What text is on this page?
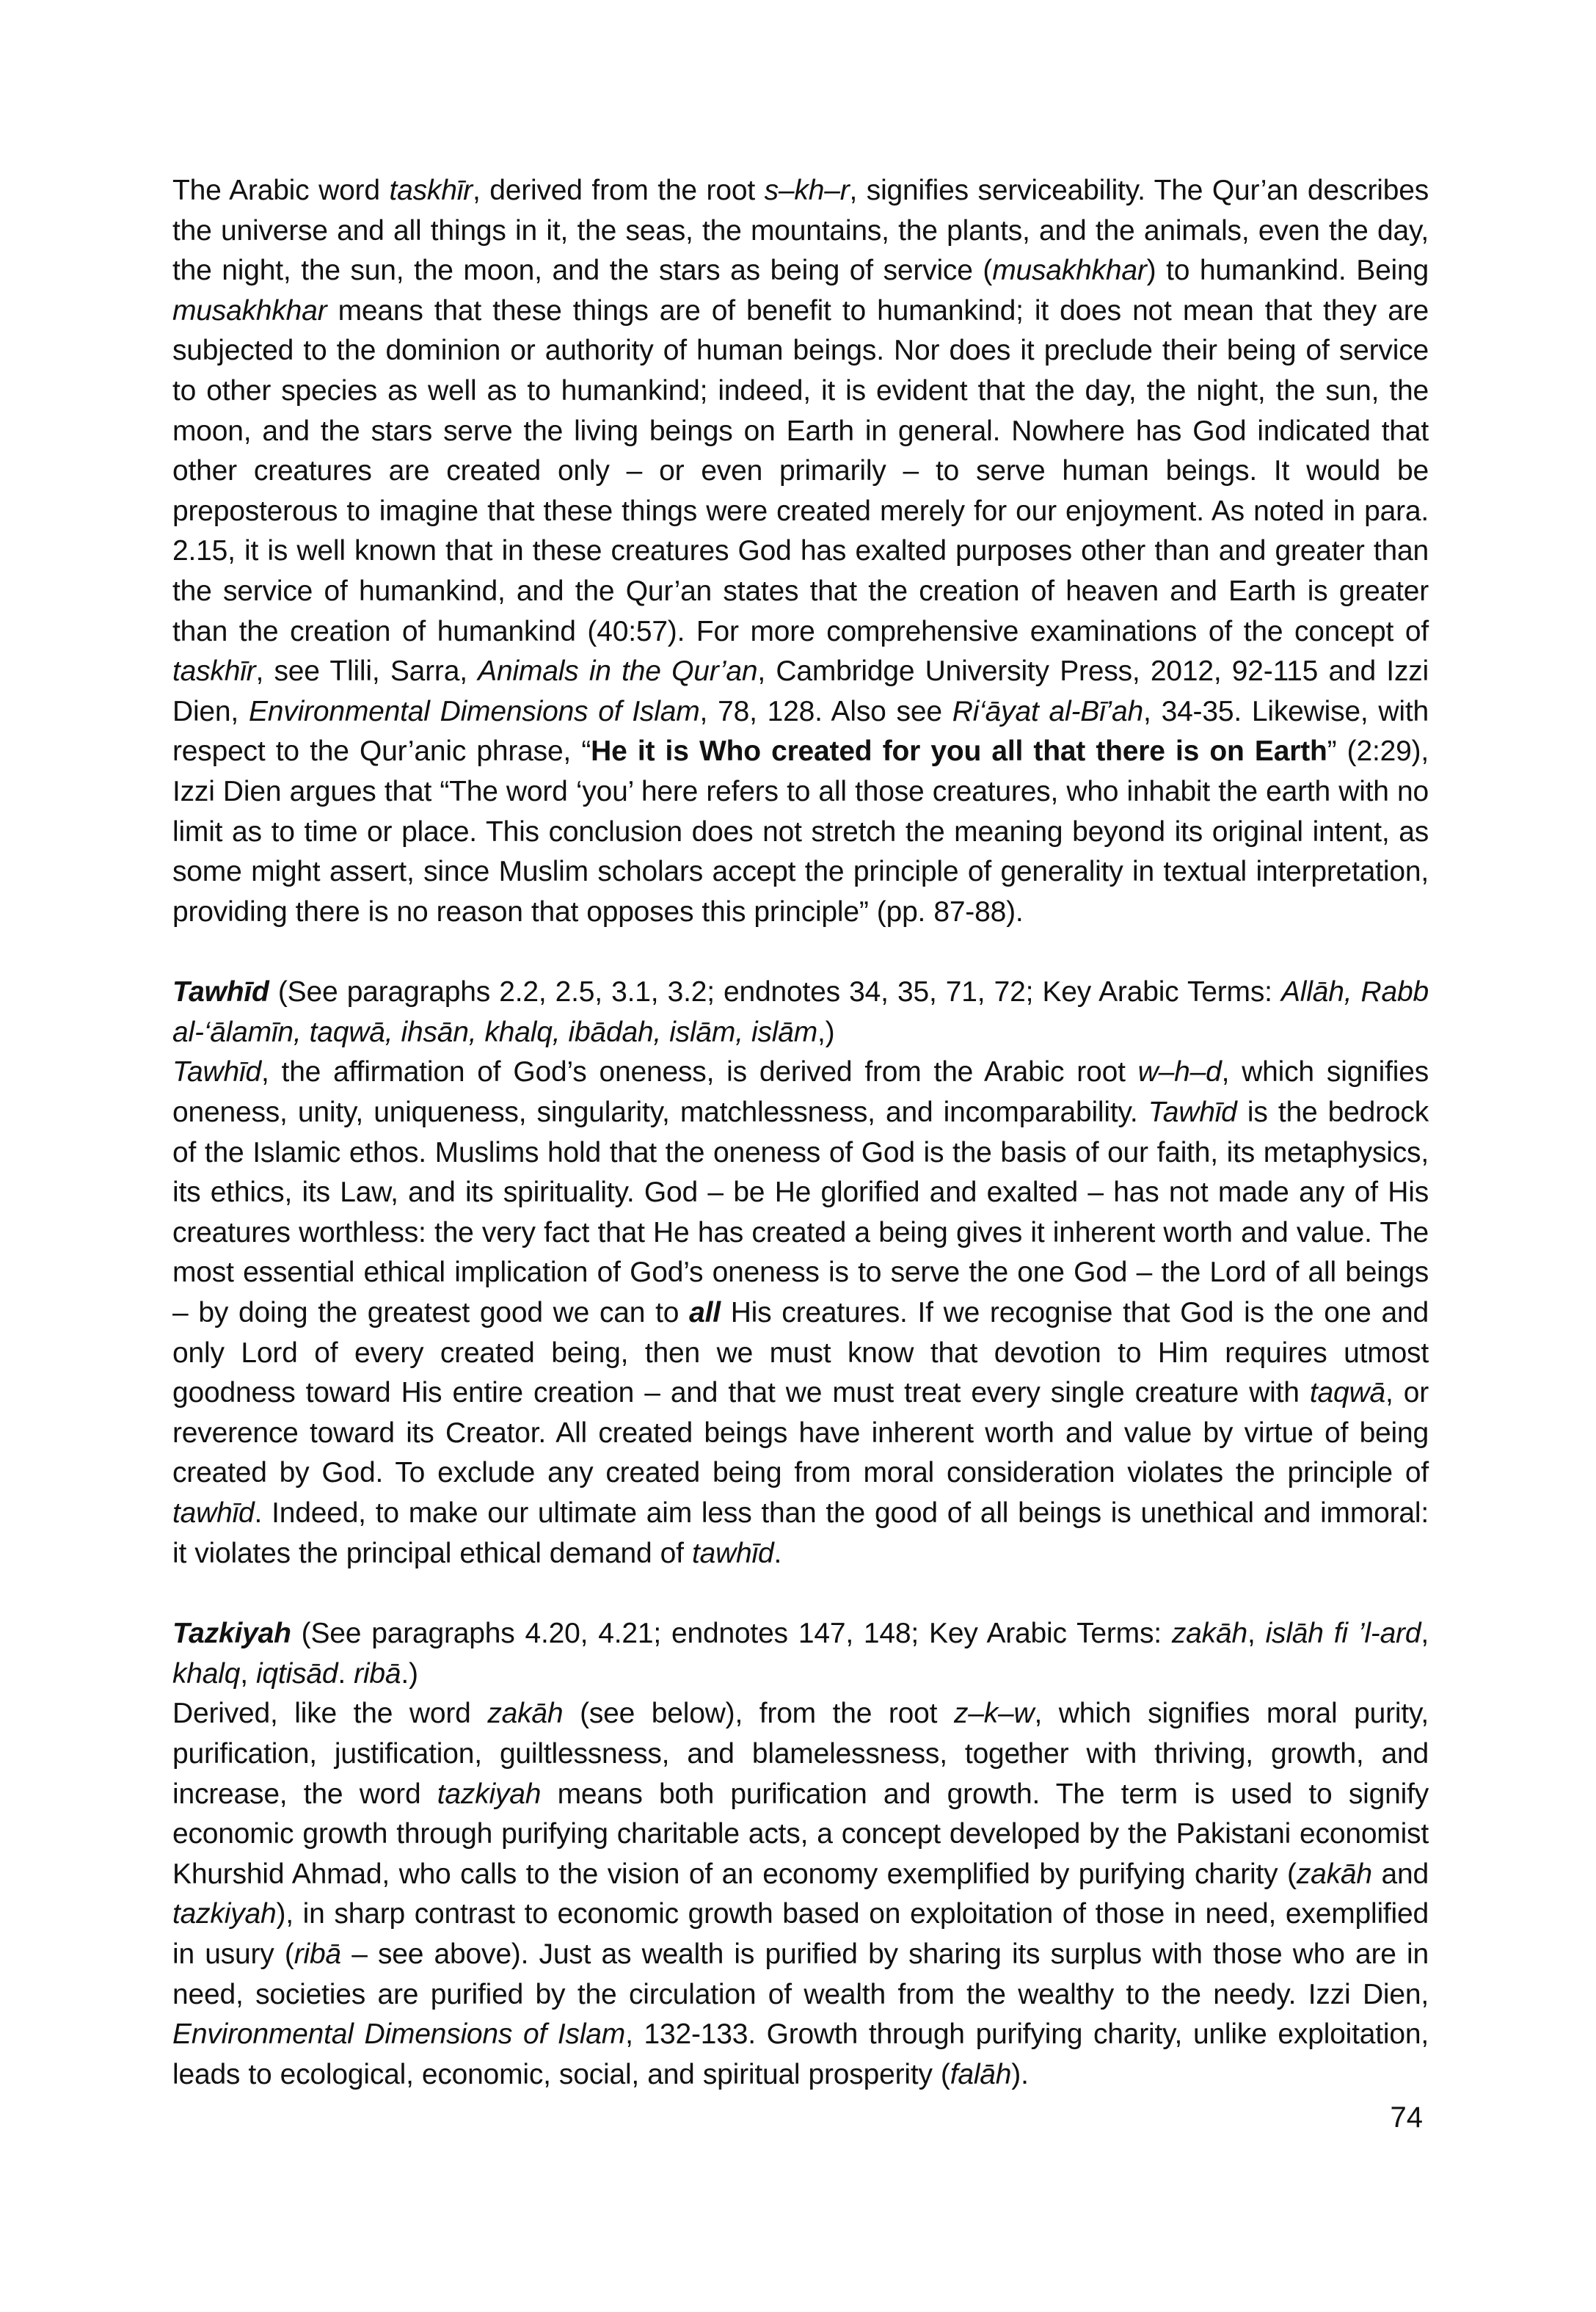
The Arabic word taskhīr, derived from the root s–kh–r, signifies serviceability. The Qur’an describes the universe and all things in it, the seas, the mountains, the plants, and the animals, even the day, the night, the sun, the moon, and the stars as being of service (musakhkhar) to humankind. Being musakhkhar means that these things are of benefit to humankind; it does not mean that they are subjected to the dominion or authority of human beings. Nor does it preclude their being of service to other species as well as to humankind; indeed, it is evident that the day, the night, the sun, the moon, and the stars serve the living beings on Earth in general. Nowhere has God indicated that other creatures are created only – or even primarily – to serve human beings. It would be preposterous to imagine that these things were created merely for our enjoyment. As noted in para. 2.15, it is well known that in these creatures God has exalted purposes other than and greater than the service of humankind, and the Qur’an states that the creation of heaven and Earth is greater than the creation of humankind (40:57). For more comprehensive examinations of the concept of taskhīr, see Tlili, Sarra, Animals in the Qur’an, Cambridge University Press, 2012, 92-115 and Izzi Dien, Environmental Dimensions of Islam, 78, 128. Also see Ri‘āyat al-Bī’ah, 34-35. Likewise, with respect to the Qur’anic phrase, “He it is Who created for you all that there is on Earth” (2:29), Izzi Dien argues that “The word ‘you’ here refers to all those creatures, who inhabit the earth with no limit as to time or place. This conclusion does not stretch the meaning beyond its original intent, as some might assert, since Muslim scholars accept the principle of generality in textual interpretation, providing there is no reason that opposes this principle” (pp. 87-88).

Tawhīd (See paragraphs 2.2, 2.5, 3.1, 3.2; endnotes 34, 35, 71, 72; Key Arabic Terms: Allāh, Rabb al-‘ālamīn, taqwā, ihsān, khalq, ibādah, islām, islām,)

Tawhīd, the affirmation of God’s oneness, is derived from the Arabic root w–h–d, which signifies oneness, unity, uniqueness, singularity, matchlessness, and incomparability. Tawhīd is the bedrock of the Islamic ethos. Muslims hold that the oneness of God is the basis of our faith, its metaphysics, its ethics, its Law, and its spirituality. God – be He glorified and exalted – has not made any of His creatures worthless: the very fact that He has created a being gives it inherent worth and value. The most essential ethical implication of God’s oneness is to serve the one God – the Lord of all beings – by doing the greatest good we can to all His creatures. If we recognise that God is the one and only Lord of every created being, then we must know that devotion to Him requires utmost goodness toward His entire creation – and that we must treat every single creature with taqwā, or reverence toward its Creator. All created beings have inherent worth and value by virtue of being created by God. To exclude any created being from moral consideration violates the principle of tawhīd. Indeed, to make our ultimate aim less than the good of all beings is unethical and immoral: it violates the principal ethical demand of tawhīd.

Tazkiyah (See paragraphs 4.20, 4.21; endnotes 147, 148; Key Arabic Terms: zakāh, islāh fi ’l-ard, khalq, iqtisād. ribā.)

Derived, like the word zakāh (see below), from the root z–k–w, which signifies moral purity, purification, justification, guiltlessness, and blamelessness, together with thriving, growth, and increase, the word tazkiyah means both purification and growth. The term is used to signify economic growth through purifying charitable acts, a concept developed by the Pakistani economist Khurshid Ahmad, who calls to the vision of an economy exemplified by purifying charity (zakāh and tazkiyah), in sharp contrast to economic growth based on exploitation of those in need, exemplified in usury (ribā – see above). Just as wealth is purified by sharing its surplus with those who are in need, societies are purified by the circulation of wealth from the wealthy to the needy. Izzi Dien, Environmental Dimensions of Islam, 132-133. Growth through purifying charity, unlike exploitation, leads to ecological, economic, social, and spiritual prosperity (falāh).

74
